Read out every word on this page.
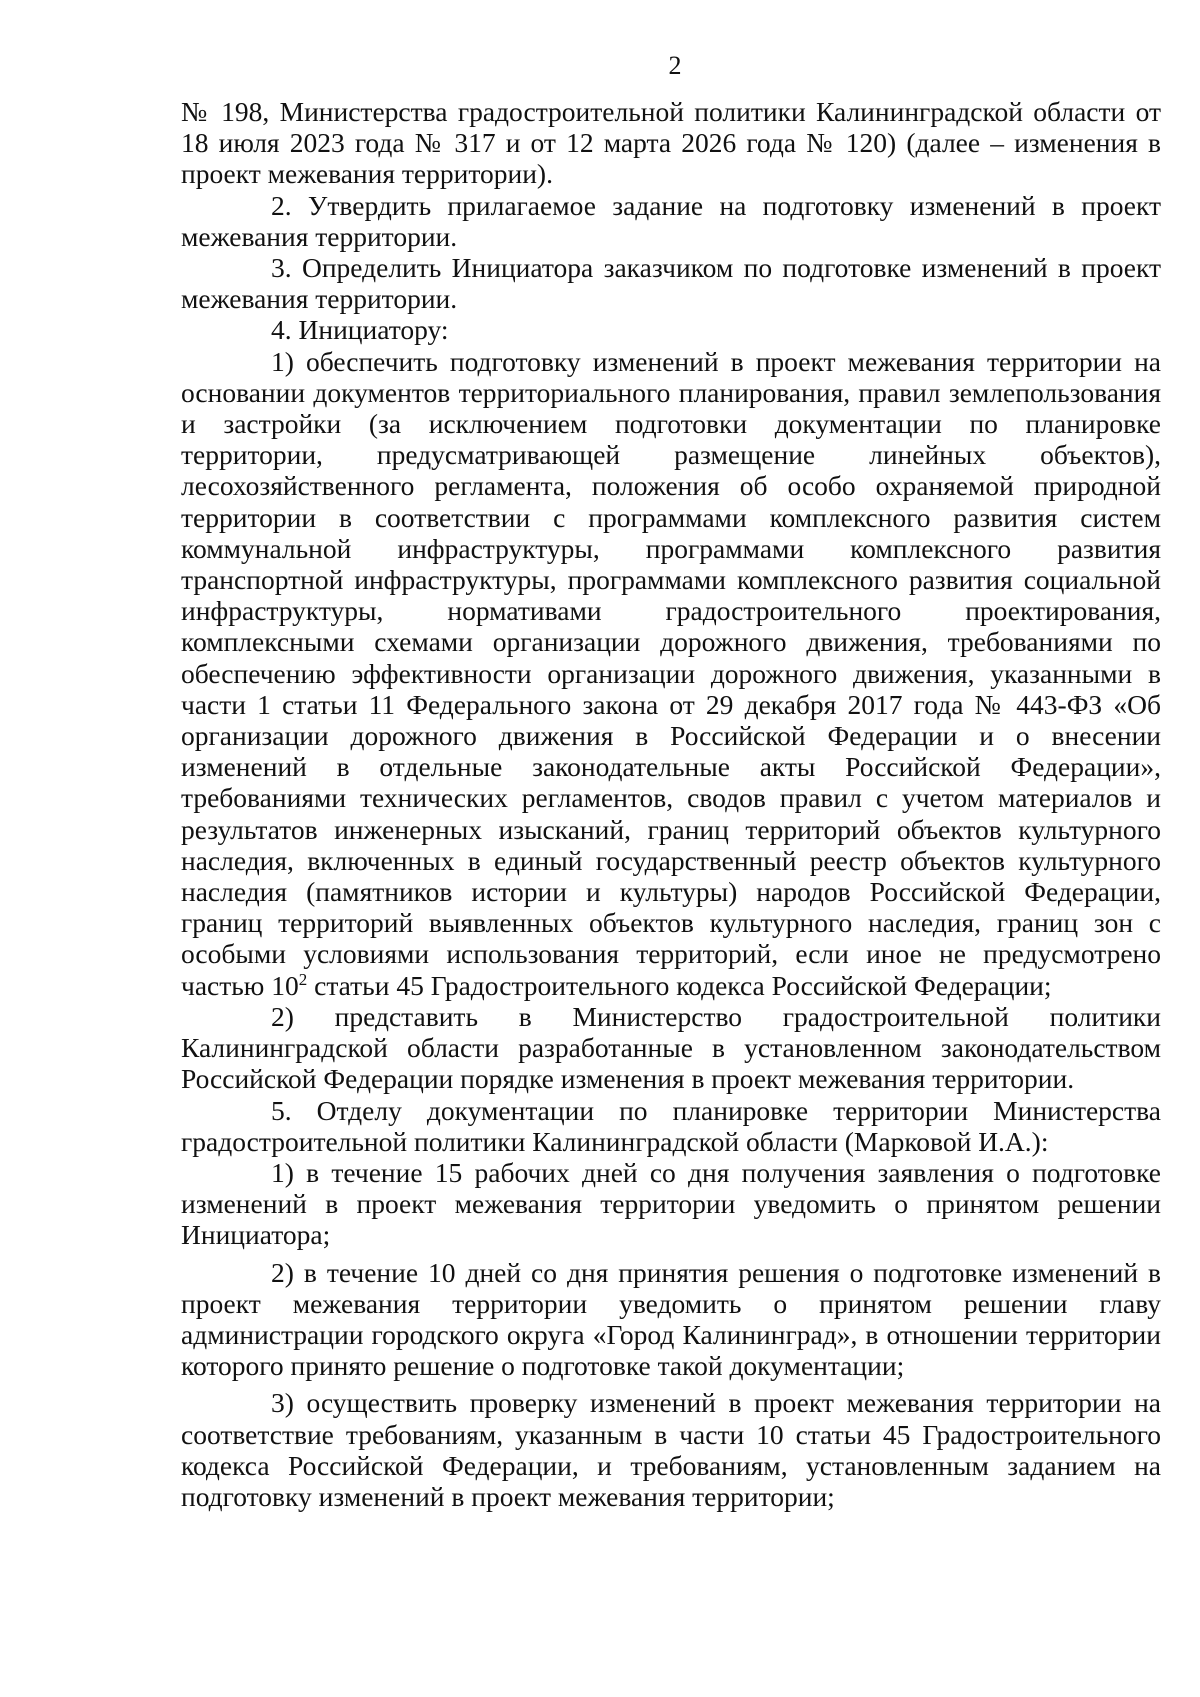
2

№ 198, Министерства градостроительной политики Калининградской области от 18 июля 2023 года № 317 и от 12 марта 2026 года № 120) (далее – изменения в проект межевания территории).

2. Утвердить прилагаемое задание на подготовку изменений в проект межевания территории.

3. Определить Инициатора заказчиком по подготовке изменений в проект межевания территории.

4. Инициатору:

1) обеспечить подготовку изменений в проект межевания территории на основании документов территориального планирования, правил землепользования и застройки (за исключением подготовки документации по планировке территории, предусматривающей размещение линейных объектов), лесохозяйственного регламента, положения об особо охраняемой природной территории в соответствии с программами комплексного развития систем коммунальной инфраструктуры, программами комплексного развития транспортной инфраструктуры, программами комплексного развития социальной инфраструктуры, нормативами градостроительного проектирования, комплексными схемами организации дорожного движения, требованиями по обеспечению эффективности организации дорожного движения, указанными в части 1 статьи 11 Федерального закона от 29 декабря 2017 года № 443-ФЗ «Об организации дорожного движения в Российской Федерации и о внесении изменений в отдельные законодательные акты Российской Федерации», требованиями технических регламентов, сводов правил с учетом материалов и результатов инженерных изысканий, границ территорий объектов культурного наследия, включенных в единый государственный реестр объектов культурного наследия (памятников истории и культуры) народов Российской Федерации, границ территорий выявленных объектов культурного наследия, границ зон с особыми условиями использования территорий, если иное не предусмотрено частью $10^2$ статьи 45 Градостроительного кодекса Российской Федерации;

2) представить в Министерство градостроительной политики Калининградской области разработанные в установленном законодательством Российской Федерации порядке изменения в проект межевания территории.

5. Отделу документации по планировке территории Министерства градостроительной политики Калининградской области (Марковой И.А.):

1) в течение 15 рабочих дней со дня получения заявления о подготовке изменений в проект межевания территории уведомить о принятом решении Инициатора;

2) в течение 10 дней со дня принятия решения о подготовке изменений в проект межевания территории уведомить о принятом решении главу администрации городского округа «Город Калининград», в отношении территории которого принято решение о подготовке такой документации;

3) осуществить проверку изменений в проект межевания территории на соответствие требованиям, указанным в части 10 статьи 45 Градостроительного кодекса Российской Федерации, и требованиям, установленным заданием на подготовку изменений в проект межевания территории;
